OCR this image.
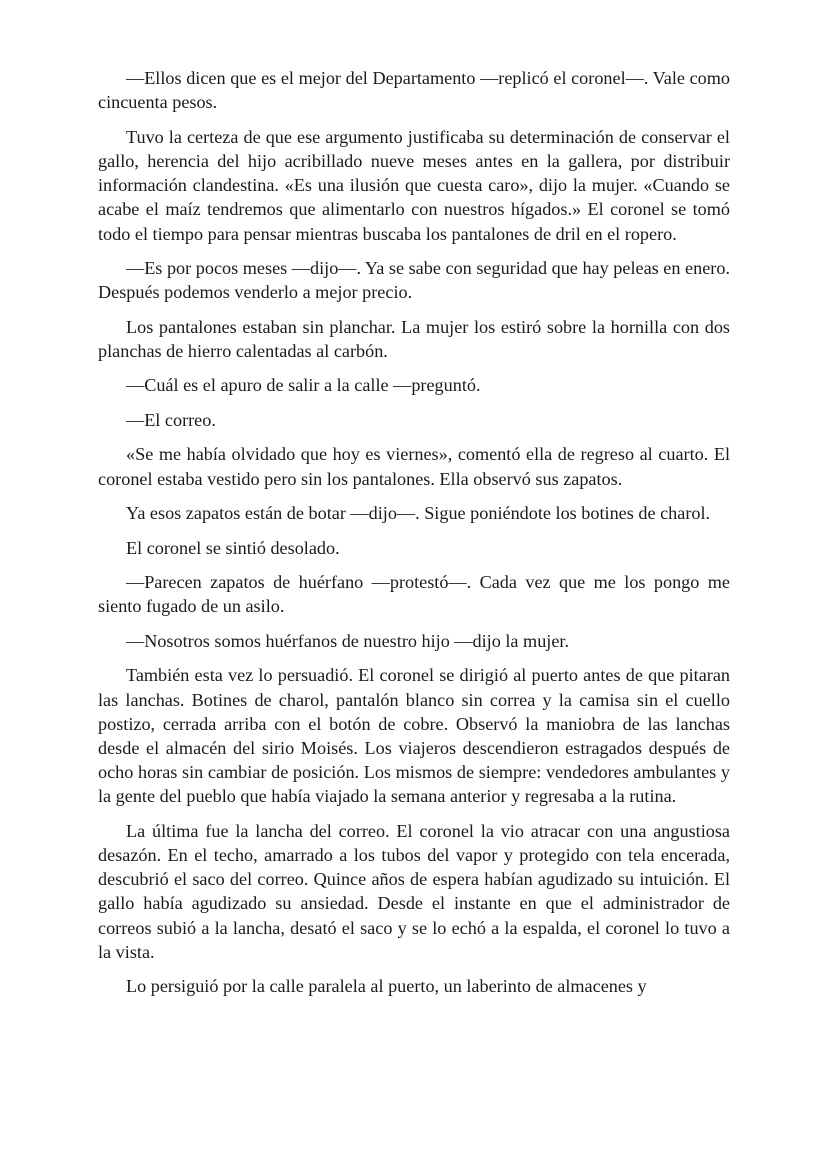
—Ellos dicen que es el mejor del Departamento —replicó el coronel—. Vale como cincuenta pesos.

Tuvo la certeza de que ese argumento justificaba su determinación de conservar el gallo, herencia del hijo acribillado nueve meses antes en la gallera, por distribuir información clandestina. «Es una ilusión que cuesta caro», dijo la mujer. «Cuando se acabe el maíz tendremos que alimentarlo con nuestros hígados.» El coronel se tomó todo el tiempo para pensar mientras buscaba los pantalones de dril en el ropero.

—Es por pocos meses —dijo—. Ya se sabe con seguridad que hay peleas en enero. Después podemos venderlo a mejor precio.

Los pantalones estaban sin planchar. La mujer los estiró sobre la hornilla con dos planchas de hierro calentadas al carbón.

—Cuál es el apuro de salir a la calle —preguntó.

—El correo.

«Se me había olvidado que hoy es viernes», comentó ella de regreso al cuarto. El coronel estaba vestido pero sin los pantalones. Ella observó sus zapatos.

Ya esos zapatos están de botar —dijo—. Sigue poniéndote los botines de charol.

El coronel se sintió desolado.

—Parecen zapatos de huérfano —protestó—. Cada vez que me los pongo me siento fugado de un asilo.

—Nosotros somos huérfanos de nuestro hijo —dijo la mujer.

También esta vez lo persuadió. El coronel se dirigió al puerto antes de que pitaran las lanchas. Botines de charol, pantalón blanco sin correa y la camisa sin el cuello postizo, cerrada arriba con el botón de cobre. Observó la maniobra de las lanchas desde el almacén del sirio Moisés. Los viajeros descendieron estragados después de ocho horas sin cambiar de posición. Los mismos de siempre: vendedores ambulantes y la gente del pueblo que había viajado la semana anterior y regresaba a la rutina.

La última fue la lancha del correo. El coronel la vio atracar con una angustiosa desazón. En el techo, amarrado a los tubos del vapor y protegido con tela encerada, descubrió el saco del correo. Quince años de espera habían agudizado su intuición. El gallo había agudizado su ansiedad. Desde el instante en que el administrador de correos subió a la lancha, desató el saco y se lo echó a la espalda, el coronel lo tuvo a la vista.

Lo persiguió por la calle paralela al puerto, un laberinto de almacenes y
